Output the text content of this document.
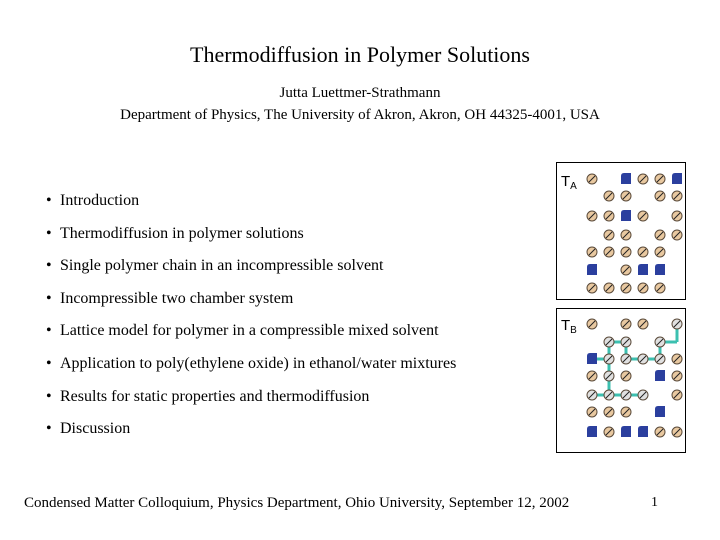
Thermodiffusion in Polymer Solutions
Jutta Luettmer-Strathmann
Department of Physics, The University of Akron, Akron, OH 44325-4001, USA
• Introduction
• Thermodiffusion in polymer solutions
• Single polymer chain in an incompressible solvent
• Incompressible two chamber system
• Lattice model for polymer in a compressible mixed solvent
• Application to poly(ethylene oxide) in ethanol/water mixtures
• Results for static properties and thermodiffusion
• Discussion
$T_A$
$T_B$
Condensed Matter Colloquium, Physics Department, Ohio University, September 12, 2002	1
